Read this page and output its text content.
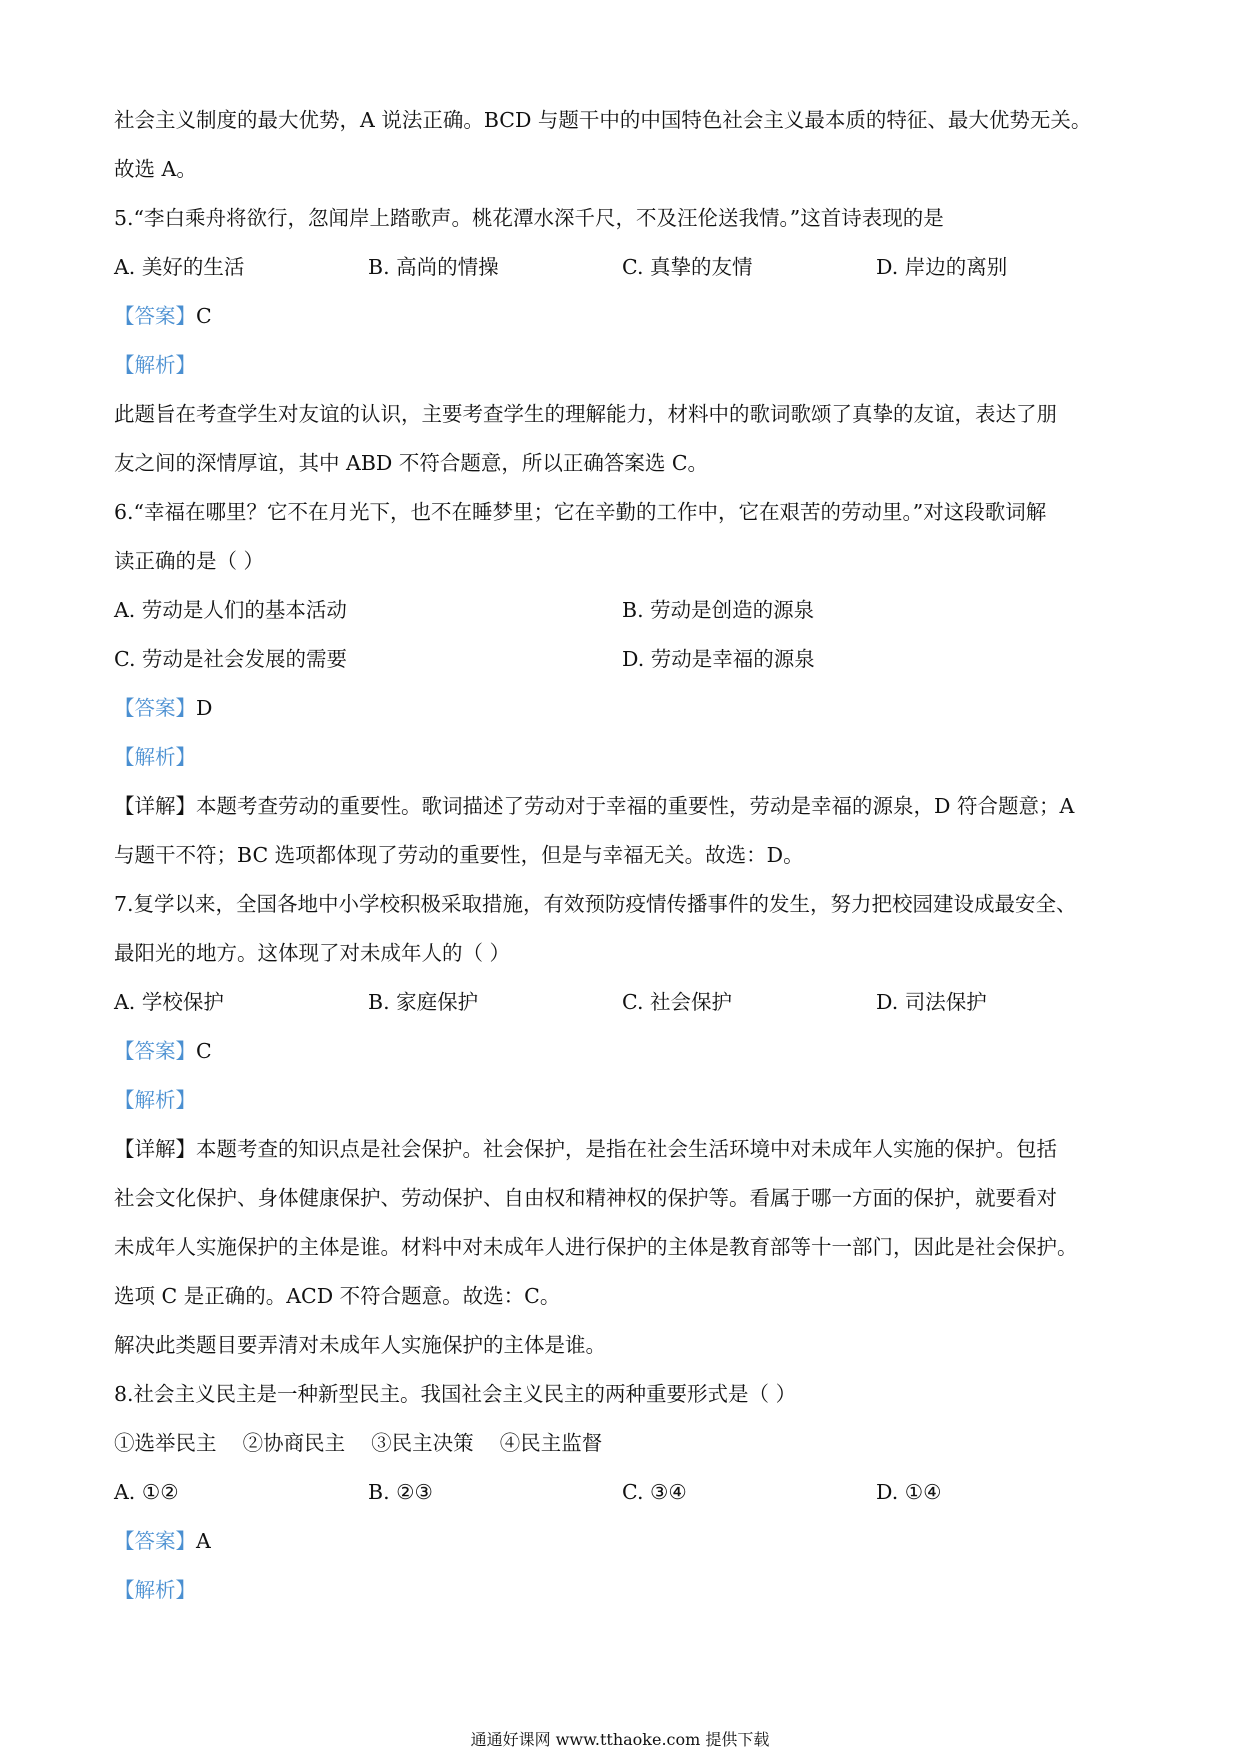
社会主义制度的最大优势，A 说法正确。BCD 与题干中的中国特色社会主义最本质的特征、最大优势无关。
故选 A。
5.“李白乘舟将欲行，忽闻岸上踏歌声。桃花潭水深千尺，不及汪伦送我情。”这首诗表现的是
A. 美好的生活	B. 高尚的情操	C. 真挚的友情	D. 岸边的离别
【答案】C
【解析】
此题旨在考查学生对友谊的认识，主要考查学生的理解能力，材料中的歌词歌颂了真挚的友谊，表达了朋
友之间的深情厚谊，其中 ABD 不符合题意，所以正确答案选 C。
6.“幸福在哪里？它不在月光下，也不在睡梦里；它在辛勤的工作中，它在艰苦的劳动里。”对这段歌词解
读正确的是（ ）
A. 劳动是人们的基本活动	B. 劳动是创造的源泉
C. 劳动是社会发展的需要	D. 劳动是幸福的源泉
【答案】D
【解析】
【详解】本题考查劳动的重要性。歌词描述了劳动对于幸福的重要性，劳动是幸福的源泉，D 符合题意；A
与题干不符；BC 选项都体现了劳动的重要性，但是与幸福无关。故选：D。
7.复学以来，全国各地中小学校积极采取措施，有效预防疫情传播事件的发生，努力把校园建设成最安全、
最阳光的地方。这体现了对未成年人的（ ）
A. 学校保护	B. 家庭保护	C. 社会保护	D. 司法保护
【答案】C
【解析】
【详解】本题考查的知识点是社会保护。社会保护，是指在社会生活环境中对未成年人实施的保护。包括
社会文化保护、身体健康保护、劳动保护、自由权和精神权的保护等。看属于哪一方面的保护，就要看对
未成年人实施保护的主体是谁。材料中对未成年人进行保护的主体是教育部等十一部门，因此是社会保护。
选项 C 是正确的。ACD 不符合题意。故选：C。
解决此类题目要弄清对未成年人实施保护的主体是谁。
8.社会主义民主是一种新型民主。我国社会主义民主的两种重要形式是（ ）
①选举民主    ②协商民主    ③民主决策    ④民主监督
A. ①②	B. ②③	C. ③④	D. ①④
【答案】A
【解析】
通通好课网 www.tthaoke.com 提供下载
